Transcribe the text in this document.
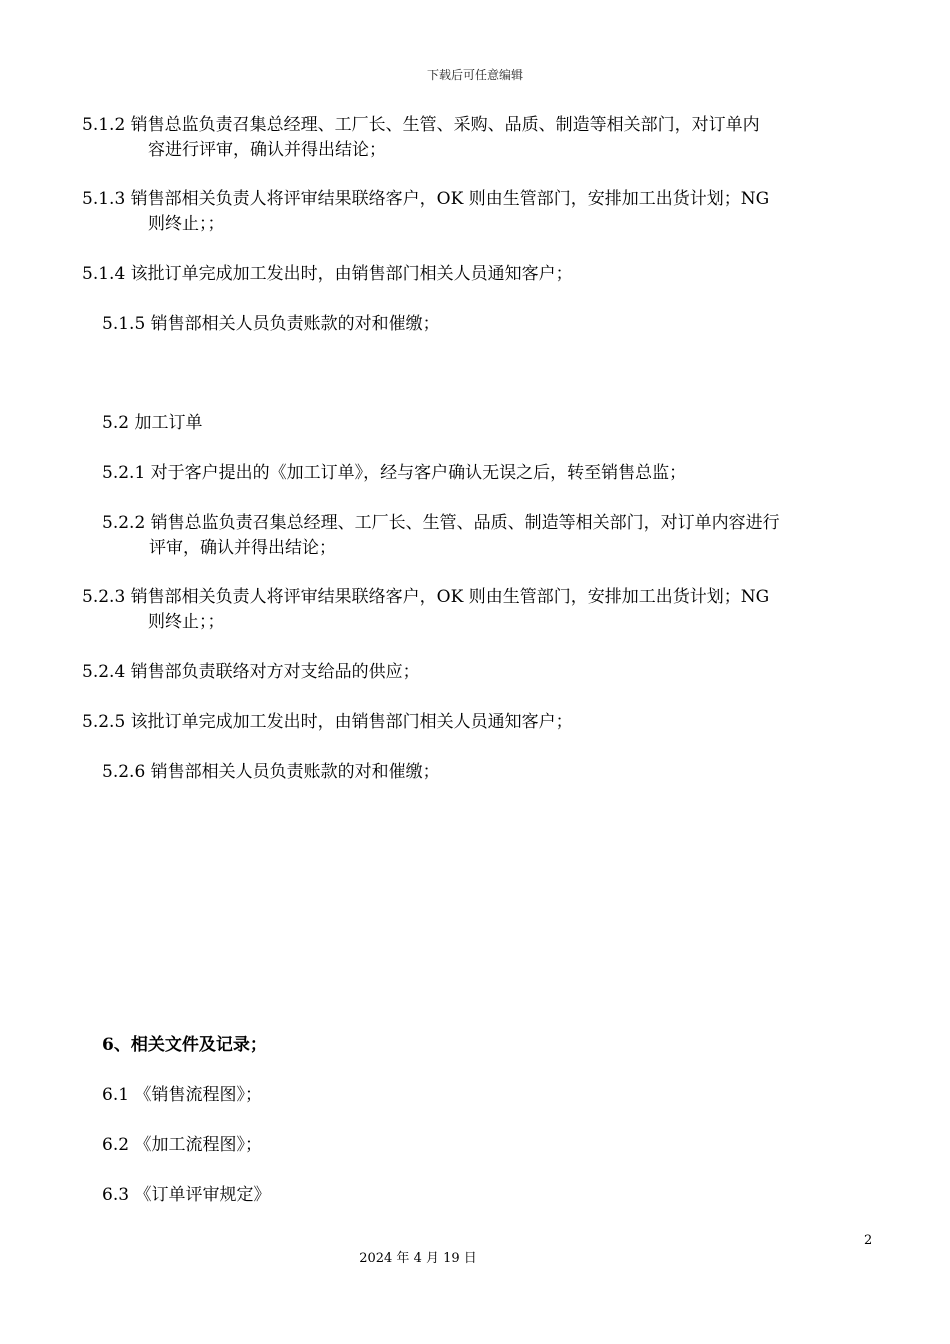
下载后可任意编辑
5.1.2 销售总监负责召集总经理、工厂长、生管、采购、品质、制造等相关部门，对订单内
容进行评审，确认并得出结论；
5.1.3 销售部相关负责人将评审结果联络客户，OK 则由生管部门，安排加工出货计划；NG
则终止；；
5.1.4 该批订单完成加工发出时，由销售部门相关人员通知客户；
5.1.5 销售部相关人员负责账款的对和催缴；
5.2 加工订单
5.2.1 对于客户提出的《加工订单》，经与客户确认无误之后，转至销售总监；
5.2.2 销售总监负责召集总经理、工厂长、生管、品质、制造等相关部门，对订单内容进行
评审，确认并得出结论；
5.2.3 销售部相关负责人将评审结果联络客户，OK 则由生管部门，安排加工出货计划；NG
则终止；；
5.2.4 销售部负责联络对方对支给品的供应；
5.2.5 该批订单完成加工发出时，由销售部门相关人员通知客户；
5.2.6 销售部相关人员负责账款的对和催缴；
6、相关文件及记录；
6.1 《销售流程图》；
6.2 《加工流程图》；
6.3 《订单评审规定》
2
2024 年 4 月 19 日
